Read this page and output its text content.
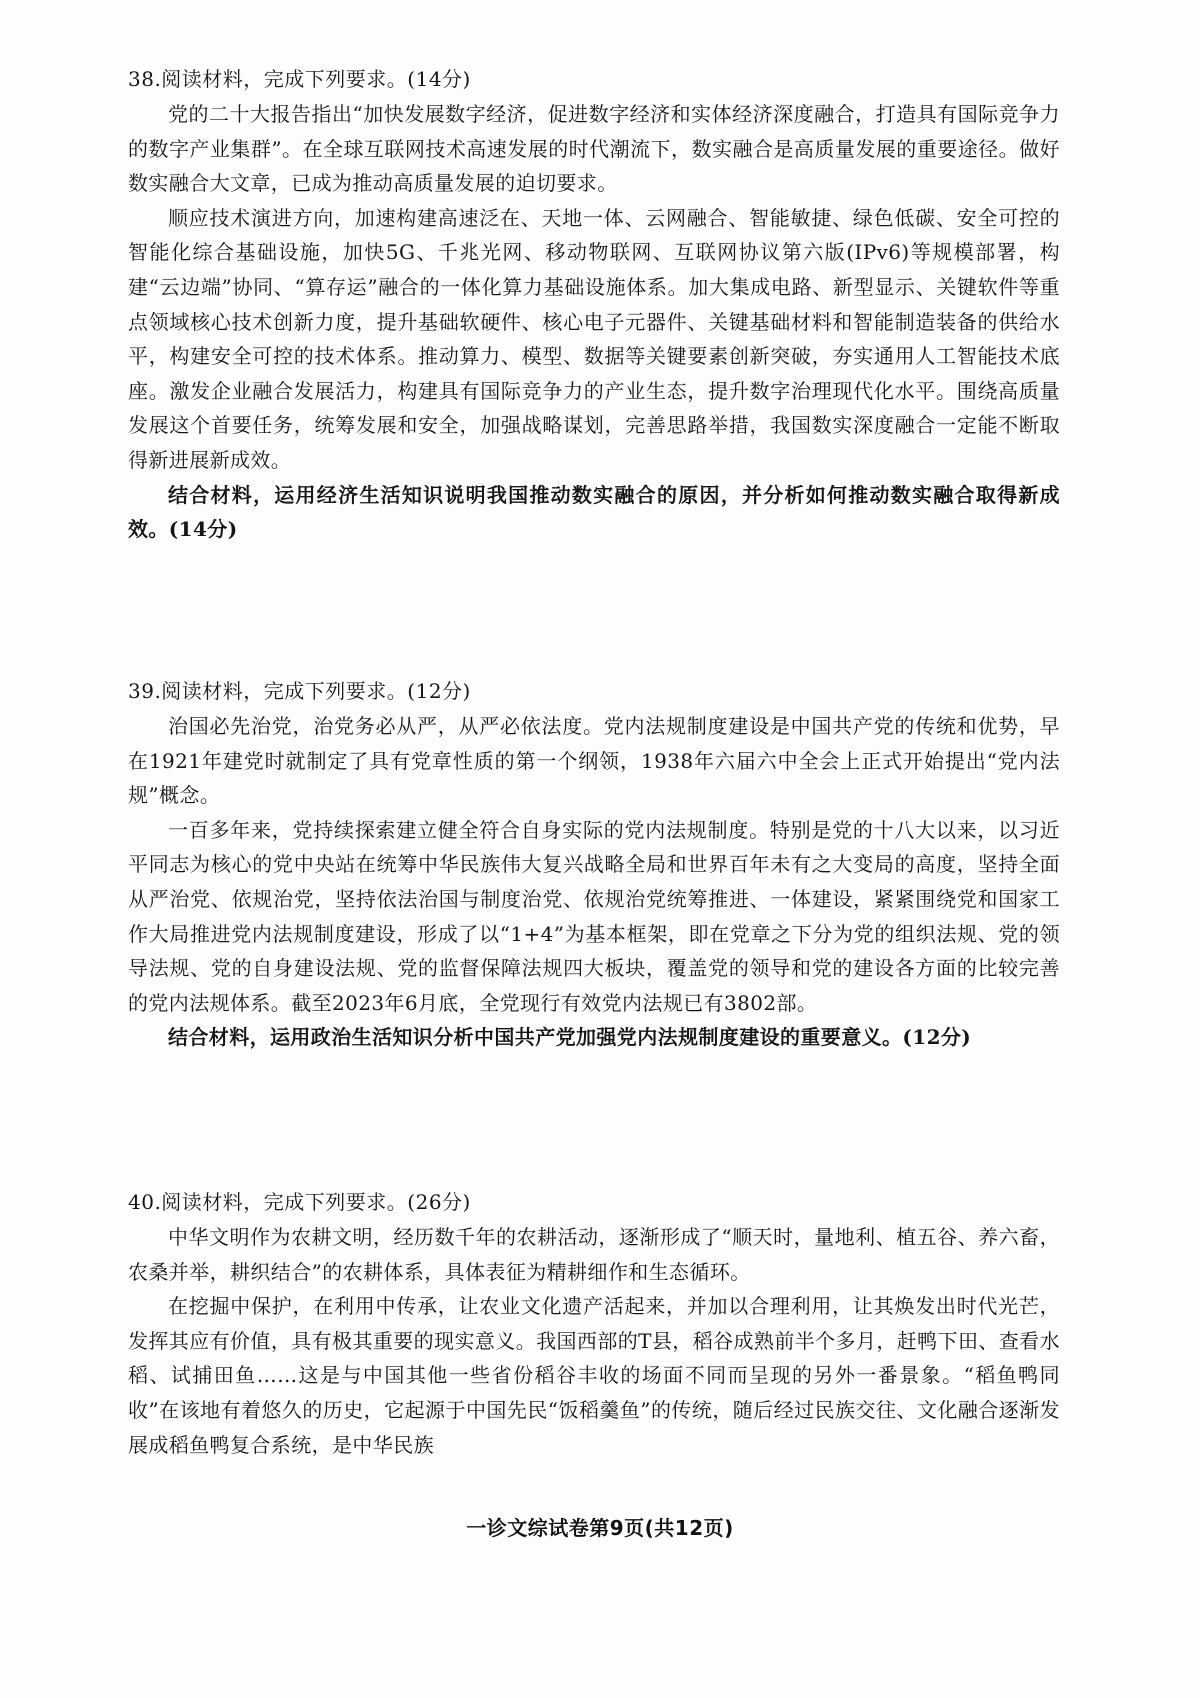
38.阅读材料，完成下列要求。(14分)

党的二十大报告指出“加快发展数字经济，促进数字经济和实体经济深度融合，打造具有国际竞争力的数字产业集群”。在全球互联网技术高速发展的时代潮流下，数实融合是高质量发展的重要途径。做好数实融合大文章，已成为推动高质量发展的迫切要求。

顺应技术演进方向，加速构建高速泛在、天地一体、云网融合、智能敏捷、绿色低碳、安全可控的智能化综合基础设施，加快5G、千兆光网、移动物联网、互联网协议第六版(IPv6)等规模部署，构建“云边端”协同、“算存运”融合的一体化算力基础设施体系。加大集成电路、新型显示、关键软件等重点领域核心技术创新力度，提升基础软硬件、核心电子元器件、关键基础材料和智能制造装备的供给水平，构建安全可控的技术体系。推动算力、模型、数据等关键要素创新突破，夯实通用人工智能技术底座。激发企业融合发展活力，构建具有国际竞争力的产业生态，提升数字治理现代化水平。围绕高质量发展这个首要任务，统筹发展和安全，加强战略谋划，完善思路举措，我国数实深度融合一定能不断取得新进展新成效。

结合材料，运用经济生活知识说明我国推动数实融合的原因，并分析如何推动数实融合取得新成效。(14分)

39.阅读材料，完成下列要求。(12分)

治国必先治党，治党务必从严，从严必依法度。党内法规制度建设是中国共产党的传统和优势，早在1921年建党时就制定了具有党章性质的第一个纲领，1938年六届六中全会上正式开始提出“党内法规”概念。

一百多年来，党持续探索建立健全符合自身实际的党内法规制度。特别是党的十八大以来，以习近平同志为核心的党中央站在统筹中华民族伟大复兴战略全局和世界百年未有之大变局的高度，坚持全面从严治党、依规治党，坚持依法治国与制度治党、依规治党统筹推进、一体建设，紧紧围绕党和国家工作大局推进党内法规制度建设，形成了以“1+4”为基本框架，即在党章之下分为党的组织法规、党的领导法规、党的自身建设法规、党的监督保障法规四大板块，覆盖党的领导和党的建设各方面的比较完善的党内法规体系。截至2023年6月底，全党现行有效党内法规已有3802部。

结合材料，运用政治生活知识分析中国共产党加强党内法规制度建设的重要意义。(12分)

40.阅读材料，完成下列要求。(26分)

中华文明作为农耕文明，经历数千年的农耕活动，逐渐形成了“顺天时，量地利、植五谷、养六畜，农桑并举，耕织结合”的农耕体系，具体表征为精耕细作和生态循环。

在挖掘中保护，在利用中传承，让农业文化遗产活起来，并加以合理利用，让其焕发出时代光芒，发挥其应有价值，具有极其重要的现实意义。我国西部的T县，稻谷成熟前半个多月，赶鸭下田、查看水稻、试捕田鱼……这是与中国其他一些省份稻谷丰收的场面不同而呈现的另外一番景象。“稻鱼鸭同收”在该地有着悠久的历史，它起源于中国先民“饭稻羹鱼”的传统，随后经过民族交往、文化融合逐渐发展成稻鱼鸭复合系统，是中华民族

一诊文综试卷第9页(共12页)
